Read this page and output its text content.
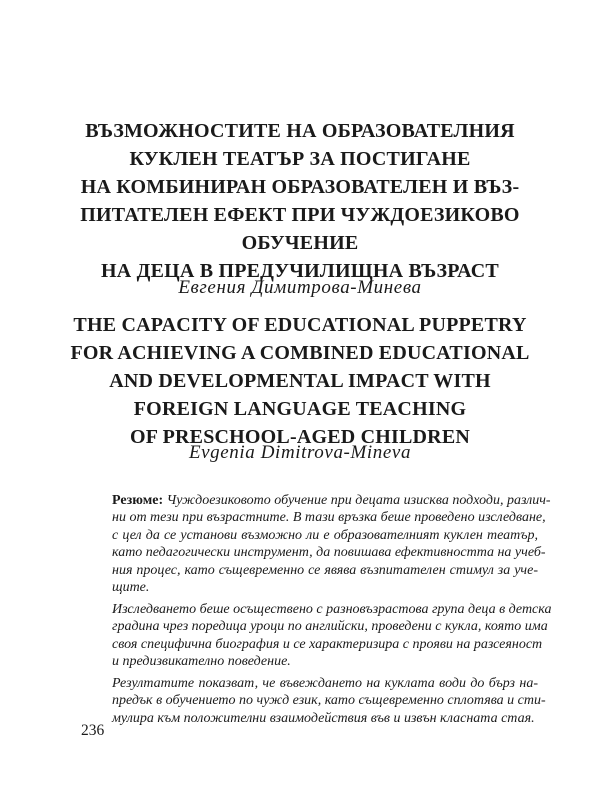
ВЪЗМОЖНОСТИТЕ НА ОБРАЗОВАТЕЛНИЯ
КУКЛЕН ТЕАТЪР ЗА ПОСТИГАНЕ
НА КОМБИНИРАН ОБРАЗОВАТЕЛЕН И ВЪЗ-
ПИТАТЕЛЕН ЕФЕКТ ПРИ ЧУЖДОЕЗИКОВО
ОБУЧЕНИЕ
НА ДЕЦА В ПРЕДУЧИЛИЩНА ВЪЗРАСТ
Евгения Димитрова-Минева
THE CAPACITY OF EDUCATIONAL PUPPETRY
FOR ACHIEVING A COMBINED EDUCATIONAL
AND DEVELOPMENTAL IMPACT WITH
FOREIGN LANGUAGE TEACHING
OF PRESCHOOL-AGED CHILDREN
Evgenia Dimitrova-Mineva
Резюме: Чуждоезиковото обучение при децата изисква подходи, различ-
ни от тези при възрастните. В тази връзка беше проведено изследване,
с цел да се установи възможно ли е образователният куклен театър,
като педагогически инструмент, да повишава ефективността на учеб-
ния процес, като същевременно се явява възпитателен стимул за уче-
щите.
Изследването беше осъществено с разновъзрастова група деца в детска
градина чрез поредица уроци по английски, проведени с кукла, която има
своя специфична биография и се характеризира с прояви на разсеяност
и предизвикателно поведение.
Резултатите показват, че въвеждането на куклата води до бърз на-
предък в обучението по чужд език, като същевременно сплотява и сти-
мулира към положителни взаимодействия във и извън класната стая.
236
